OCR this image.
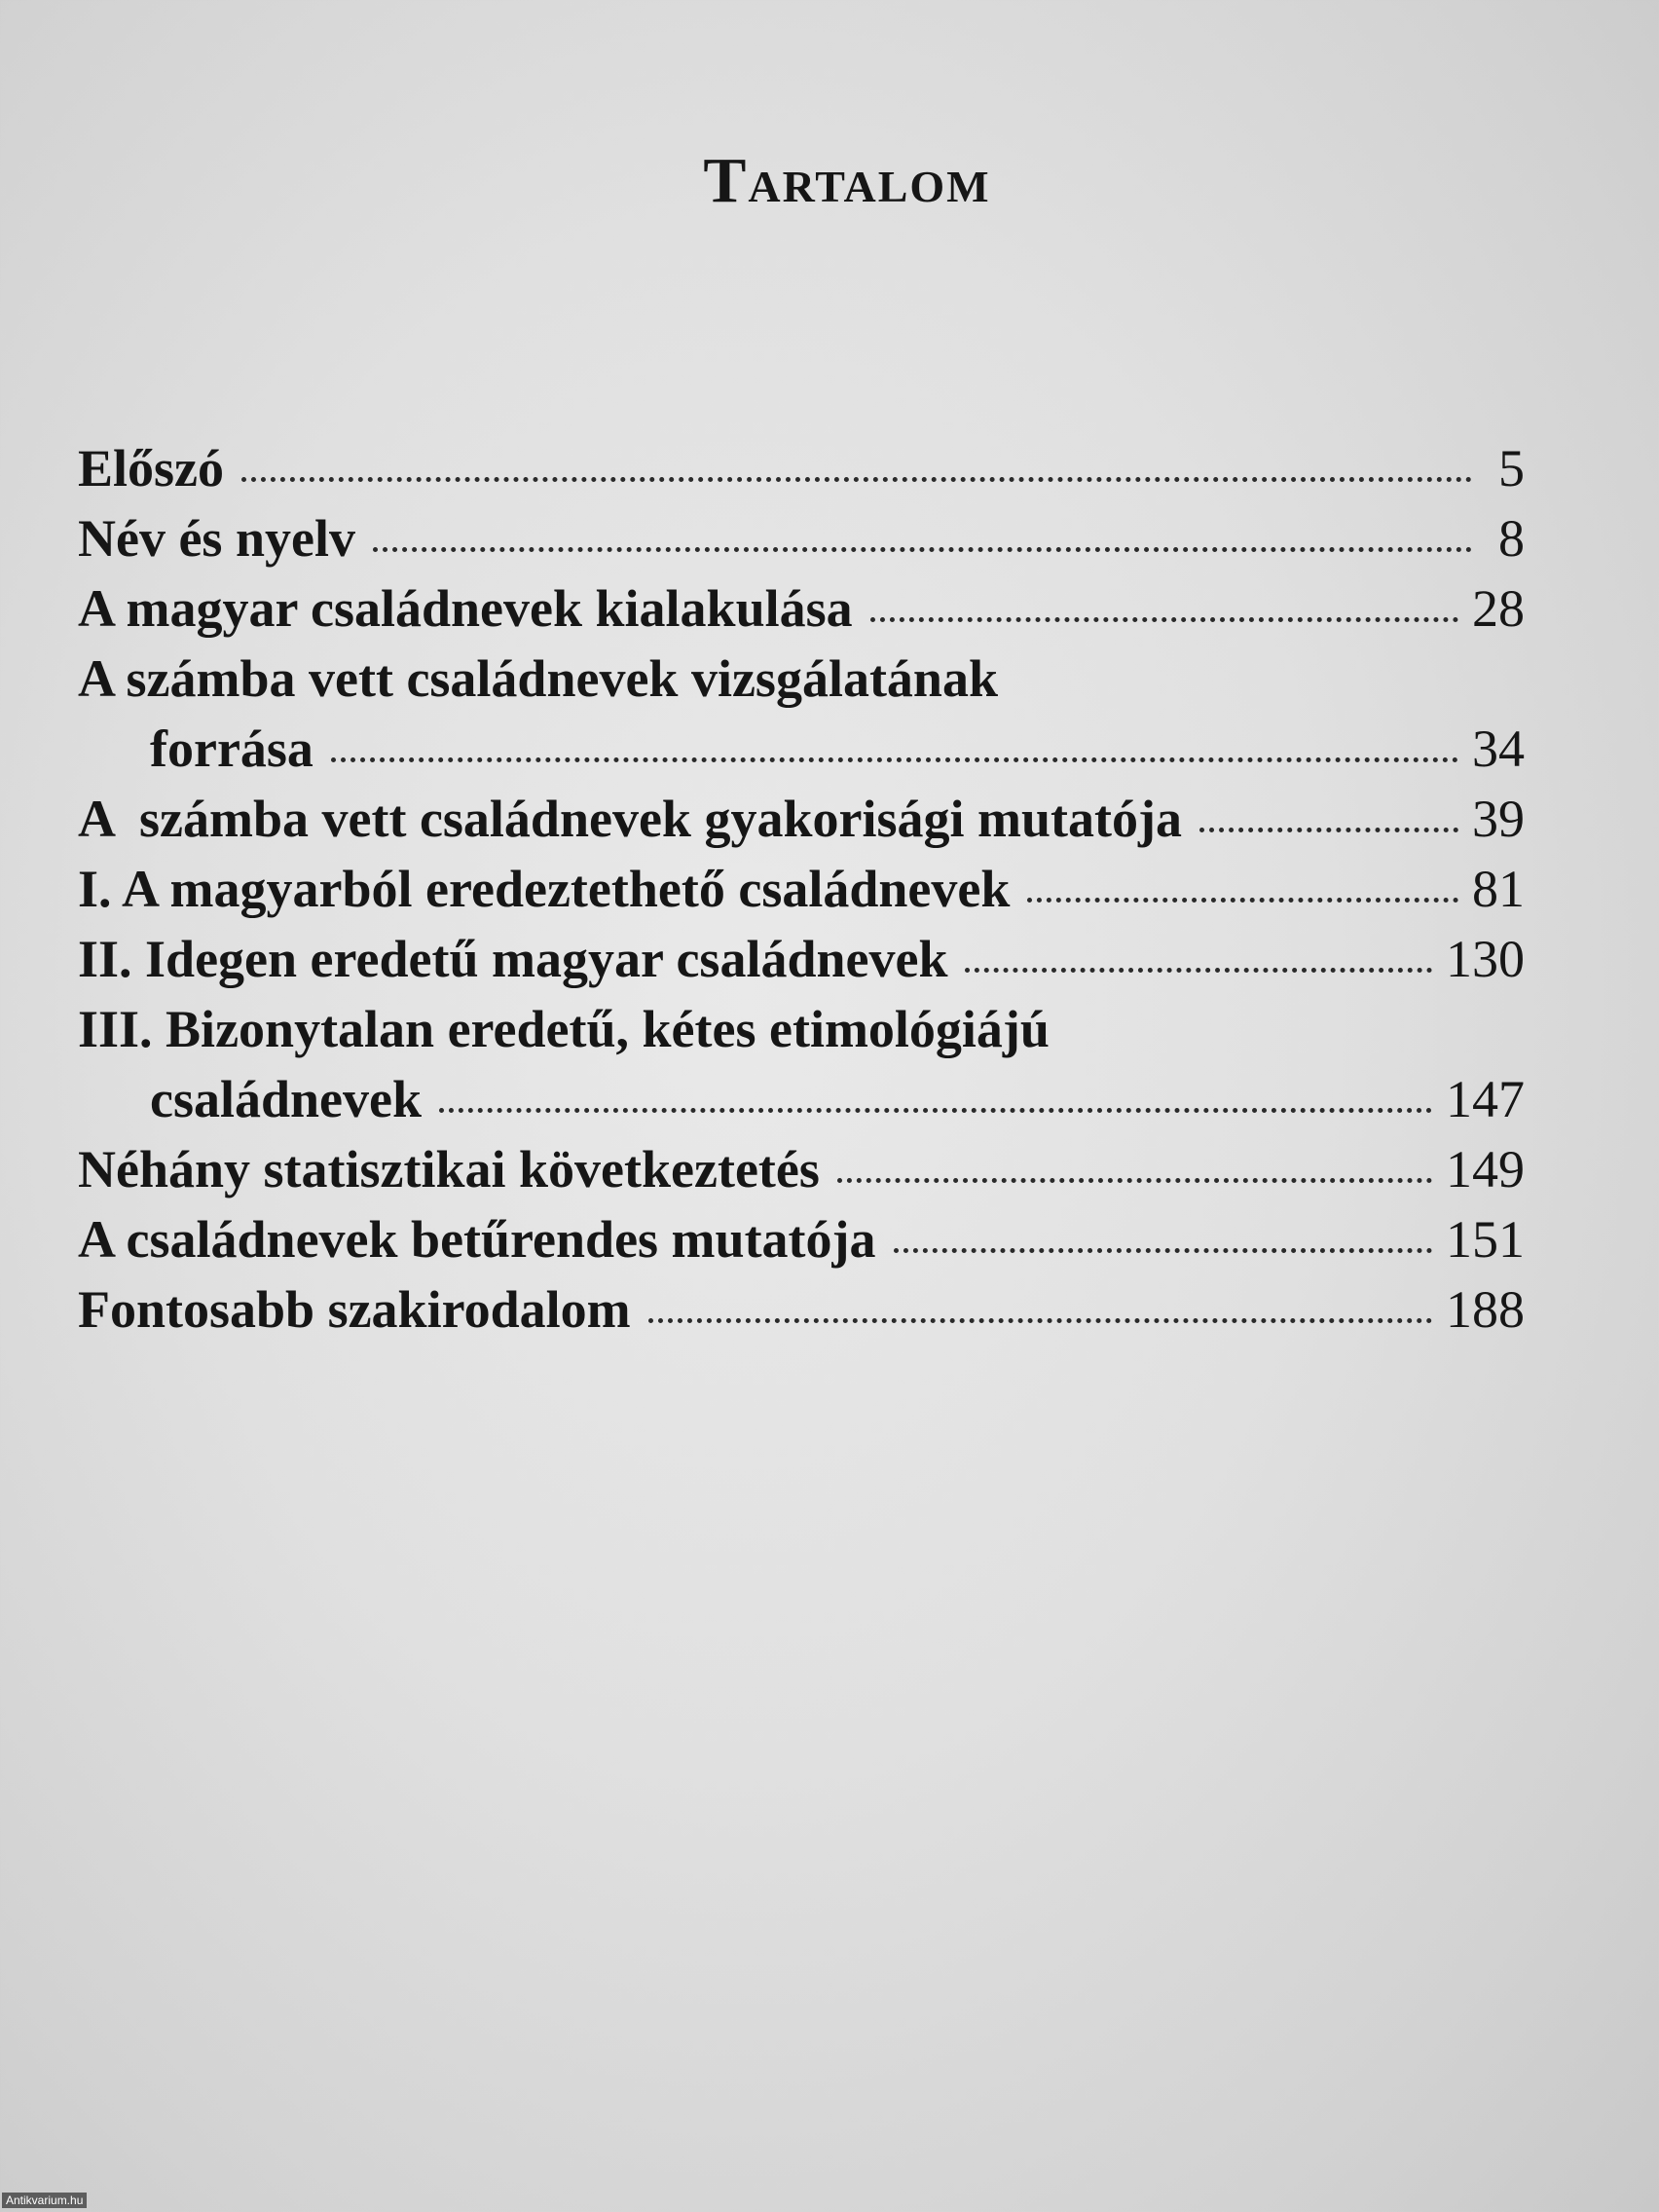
Tartalom
Előszó	5
Név és nyelv	8
A magyar családnevek kialakulása	28
A számba vett családnevek vizsgálatának
forrása	34
A  számba vett családnevek gyakorisági mutatója	39
I. A magyarból eredeztethető családnevek	81
II. Idegen eredetű magyar családnevek	130
III. Bizonytalan eredetű, kétes etimológiájú
családnevek	147
Néhány statisztikai következtetés	149
A családnevek betűrendes mutatója	151
Fontosabb szakirodalom	188
Antikvarium.hu
